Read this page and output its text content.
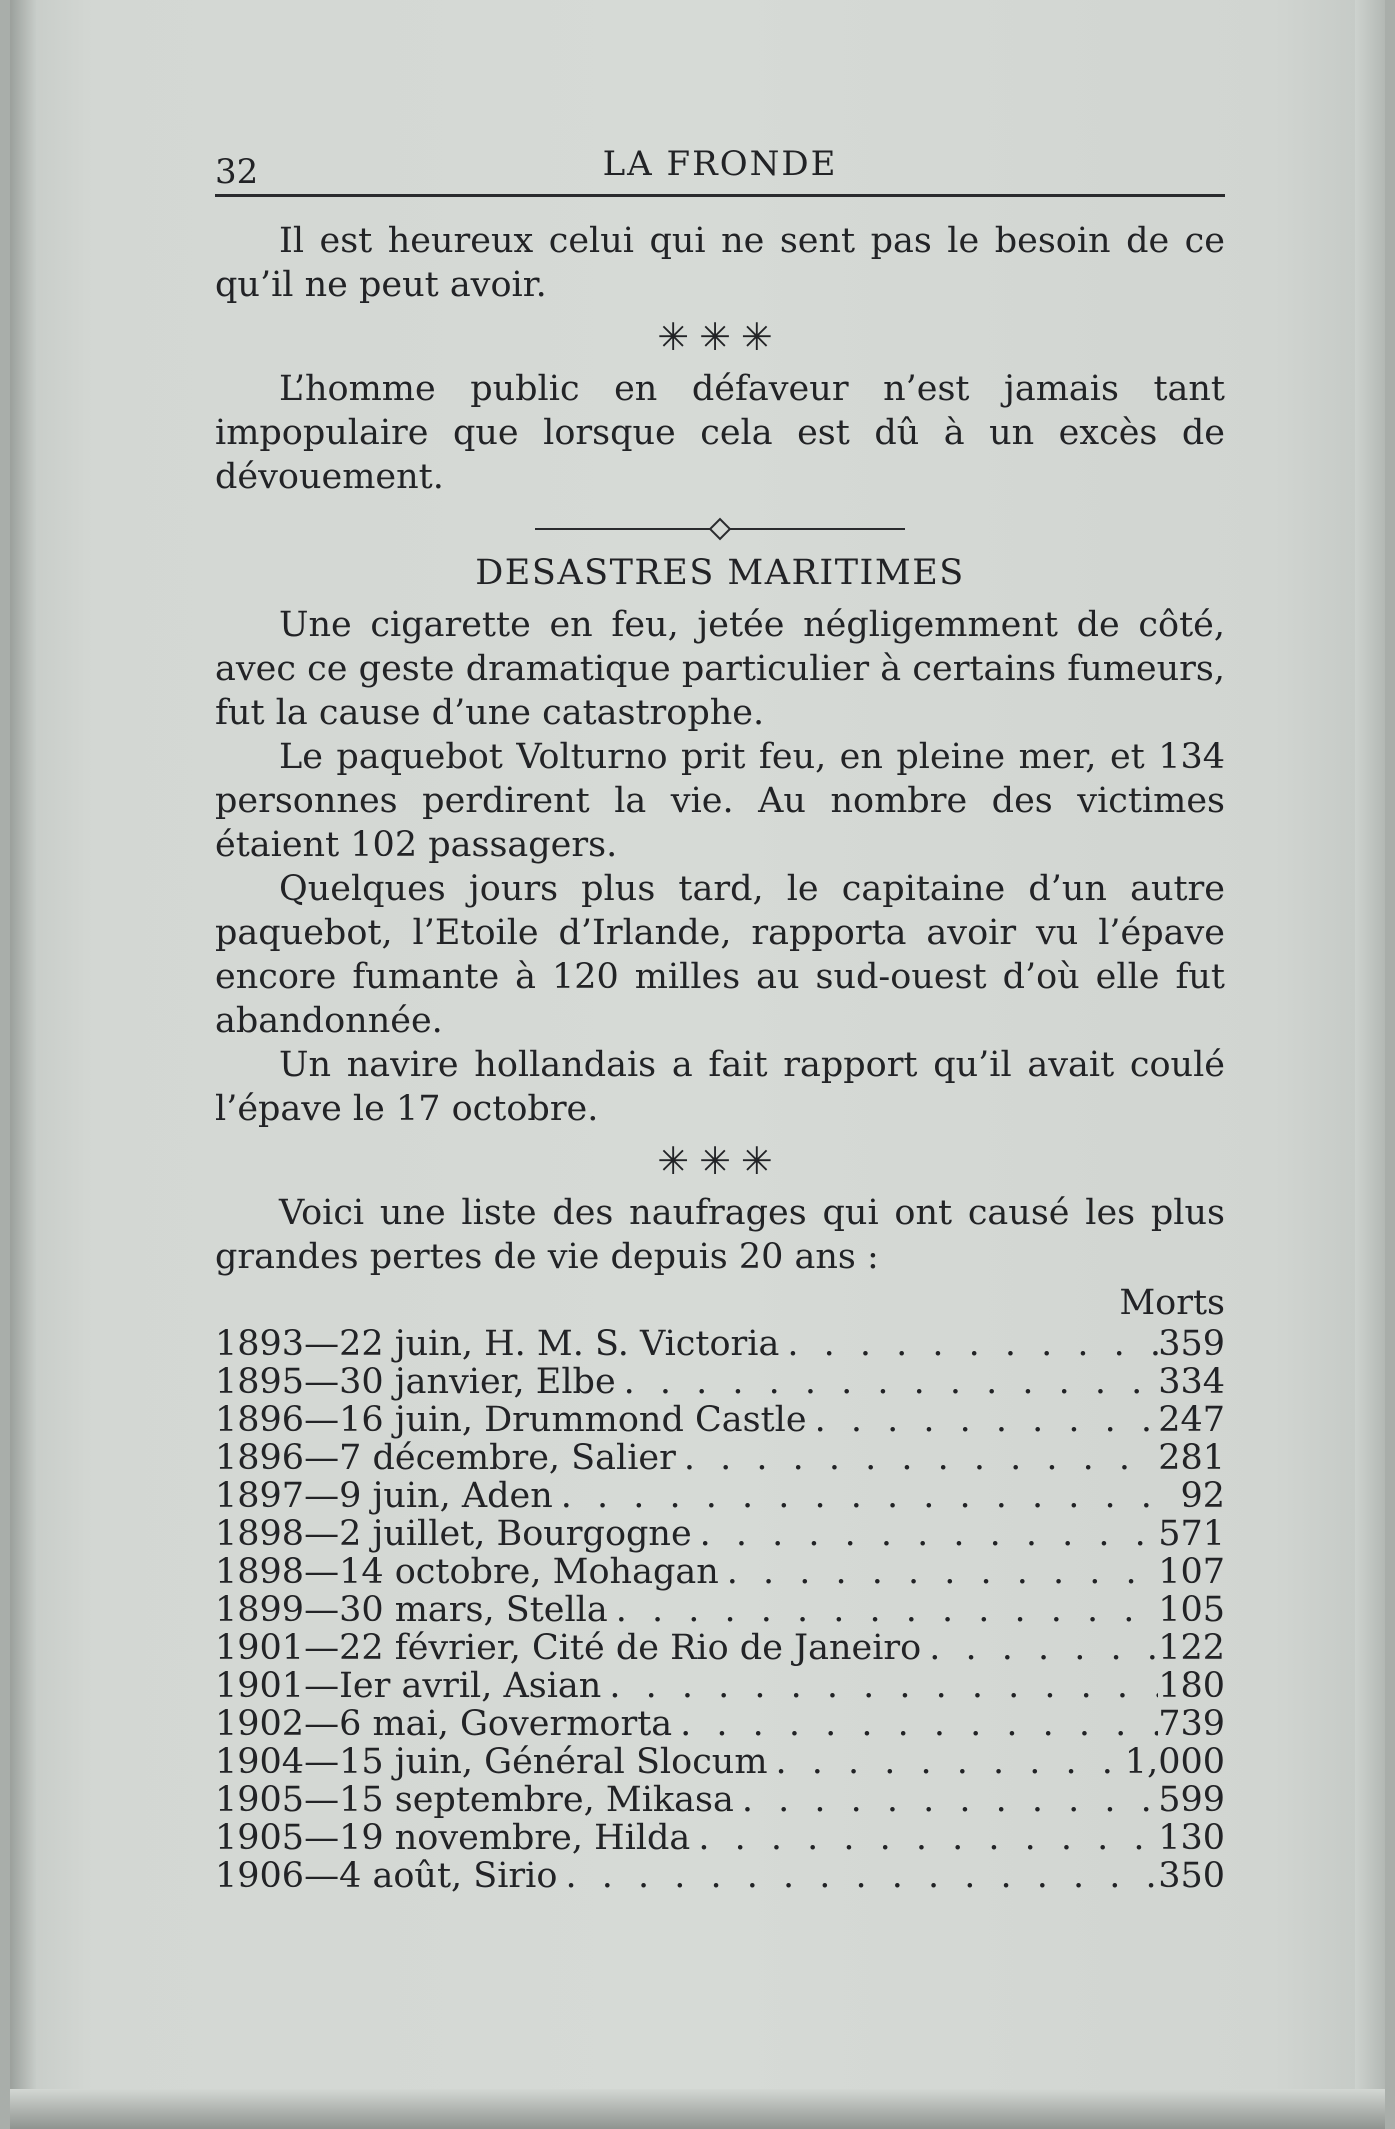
32	LA FRONDE

Il est heureux celui qui ne sent pas le besoin de ce qu’il ne peut avoir.

✳✳✳

L’homme public en défaveur n’est jamais tant impopulaire que lorsque cela est dû à un excès de dévouement.

DESASTRES MARITIMES

Une cigarette en feu, jetée négligemment de côté, avec ce geste dramatique particulier à certains fumeurs, fut la cause d’une catastrophe.

Le paquebot Volturno prit feu, en pleine mer, et 134 personnes perdirent la vie. Au nombre des victimes étaient 102 passagers.

Quelques jours plus tard, le capitaine d’un autre paquebot, l’Etoile d’Irlande, rapporta avoir vu l’épave encore fumante à 120 milles au sud-ouest d’où elle fut abandonnée.

Un navire hollandais a fait rapport qu’il avait coulé l’épave le 17 octobre.

✳✳✳

Voici une liste des naufrages qui ont causé les plus grandes pertes de vie depuis 20 ans :

Morts
1893—22 juin, H. M. S. Victoria . . .	359
1895—30 janvier, Elbe . . .	334
1896—16 juin, Drummond Castle . . .	247
1896—7 décembre, Salier . . .	281
1897—9 juin, Aden . . .	92
1898—2 juillet, Bourgogne . . .	571
1898—14 octobre, Mohagan . . .	107
1899—30 mars, Stella . . .	105
1901—22 février, Cité de Rio de Janeiro . . .	122
1901—Ier avril, Asian . . .	180
1902—6 mai, Govermorta . . .	739
1904—15 juin, Général Slocum . . .	1,000
1905—15 septembre, Mikasa . . .	599
1905—19 novembre, Hilda . . .	130
1906—4 août, Sirio . . .	350
